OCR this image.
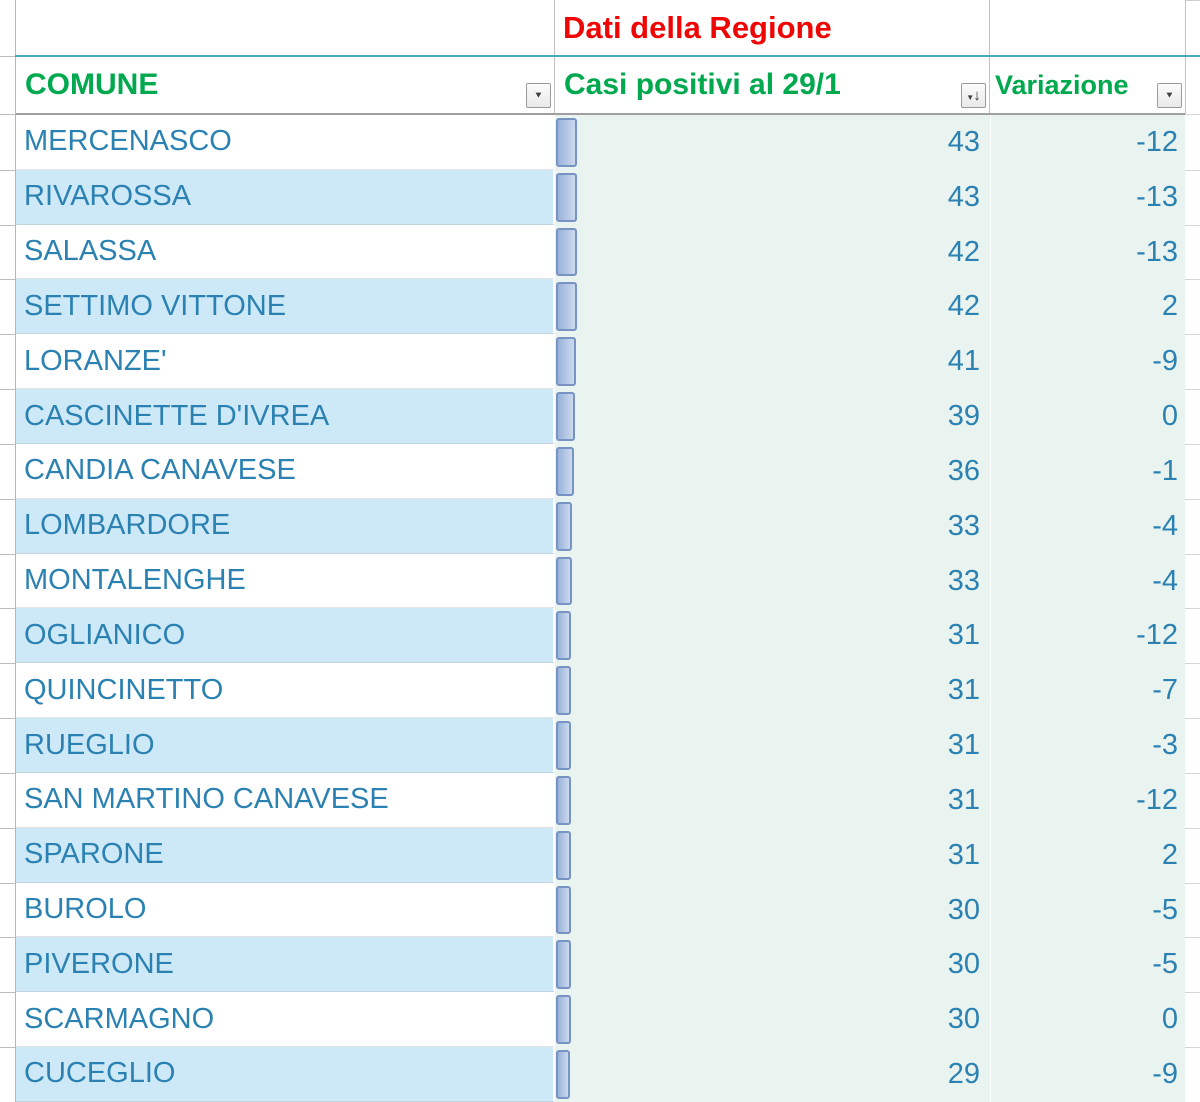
Dati della Regione
COMUNE	▼ Casi positivi al 29/1	▼ ↓ Variazione	▼
MERCENASCO	43	-12
RIVAROSSA	43	-13
SALASSA	42	-13
SETTIMO VITTONE	42	2
LORANZE'	41	-9
CASCINETTE D'IVREA	39	0
CANDIA CANAVESE	36	-1
LOMBARDORE	33	-4
MONTALENGHE	33	-4
OGLIANICO	31	-12
QUINCINETTO	31	-7
RUEGLIO	31	-3
SAN MARTINO CANAVESE	31	-12
SPARONE	31	2
BUROLO	30	-5
PIVERONE	30	-5
SCARMAGNO	30	0
CUCEGLIO	29	-9
